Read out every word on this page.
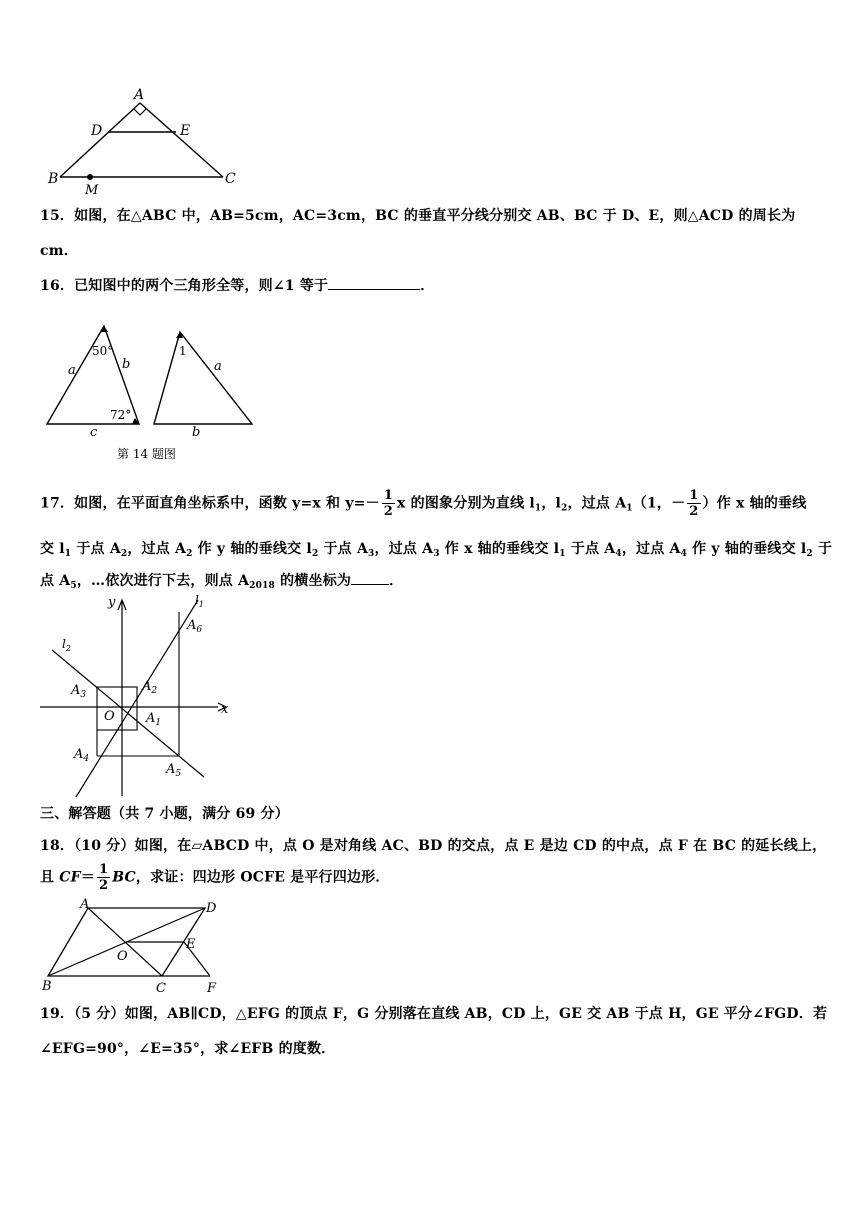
A
D	E
B
M
C
15．如图，在△ABC 中，AB=5cm，AC=3cm，BC 的垂直平分线分别交 AB、BC 于 D、E，则△ACD 的周长为
cm．
16．已知图中的两个三角形全等，则∠1 等于	．
50°
72°
a	b
c
1
a
b
第 14 题图
17．如图，在平面直角坐标系中，函数 y=x 和 $y=- \frac{1}{2}$ x 的图象分别为直线 $l_1$，$l_2$，过点 $A_1(1$，－ $\frac{1}{2}$ ）作 x 轴的垂线
交 $l_1$ 于点 $A_2$，过点 $A_2$ 作 y 轴的垂线交 $l_2$ 于点 $A_3$，过点 $A_3$ 作 x 轴的垂线交 $l_1$ 于点 $A_4$，过点 $A_4$ 作 y 轴的垂线交 $l_2$ 于
点 $A_5$，…依次进行下去，则点 $A_{2018}$ 的横坐标为	．
y
x
$l_1$
$l_2$
O $A_1$
$A_2$
$A_3$
$A_4$
$A_5$
$A_6$
三、解答题（共 7 小题，满分 69 分）
18．（10 分）如图，在▱ABCD 中，点 O 是对角线 AC、BD 的交点，点 E 是边 CD 的中点，点 F 在 BC 的延长线上，
且 $CF= \frac{1}{2}$ BC，求证：四边形 OCFE 是平行四边形．
A	D
E
O
B	C	F
19．（5 分）如图，AB∥CD，△EFG 的顶点 F，G 分别落在直线 AB，CD 上，GE 交 AB 于点 H，GE 平分∠FGD．若
∠EFG=90°，∠E=35°，求∠EFB 的度数．
